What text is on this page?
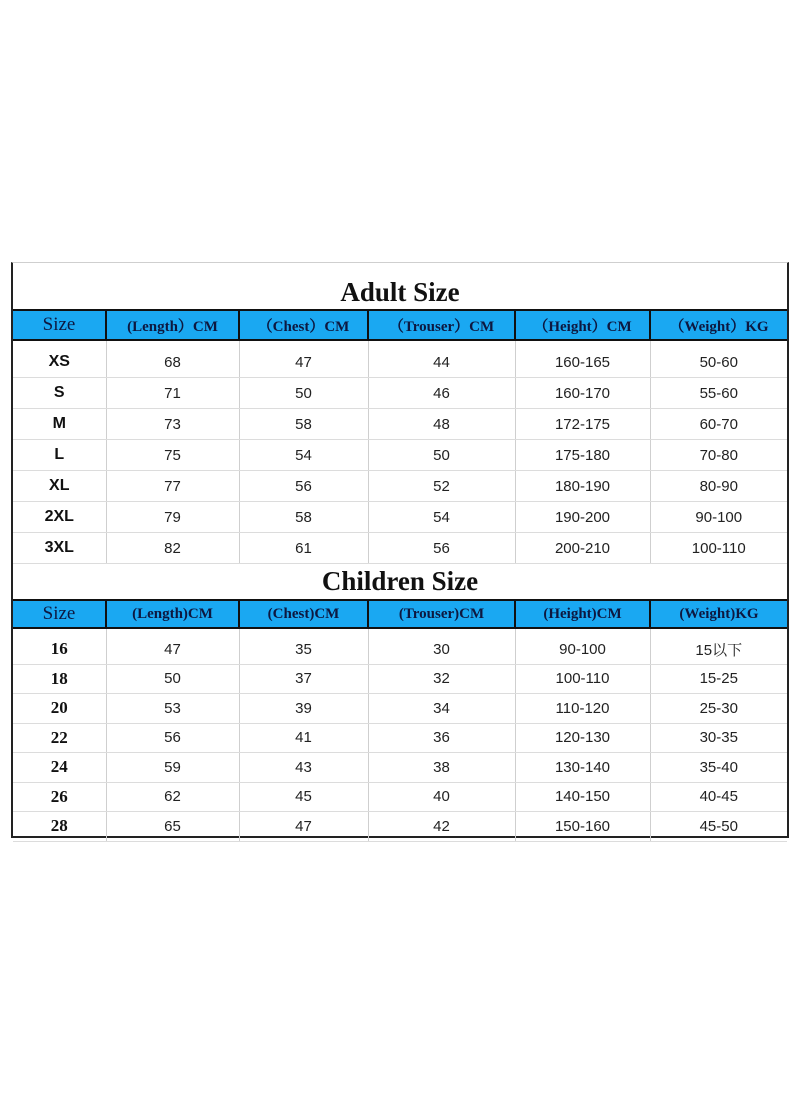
Adult Size
Size	(Length）CM	（Chest）CM	（Trouser）CM	（Height）CM	（Weight）KG

XS	68	47	44	160-165	50-60
S	71	50	46	160-170	55-60
M	73	58	48	172-175	60-70
L	75	54	50	175-180	70-80
XL	77	56	52	180-190	80-90
2XL	79	58	54	190-200	90-100
3XL	82	61	56	200-210	100-110
Children Size
Size	(Length)CM	(Chest)CM	(Trouser)CM	(Height)CM	(Weight)KG

16	47	35	30	90-100	15以下
18	50	37	32	100-110	15-25
20	53	39	34	110-120	25-30
22	56	41	36	120-130	30-35
24	59	43	38	130-140	35-40
26	62	45	40	140-150	40-45
28	65	47	42	150-160	45-50
